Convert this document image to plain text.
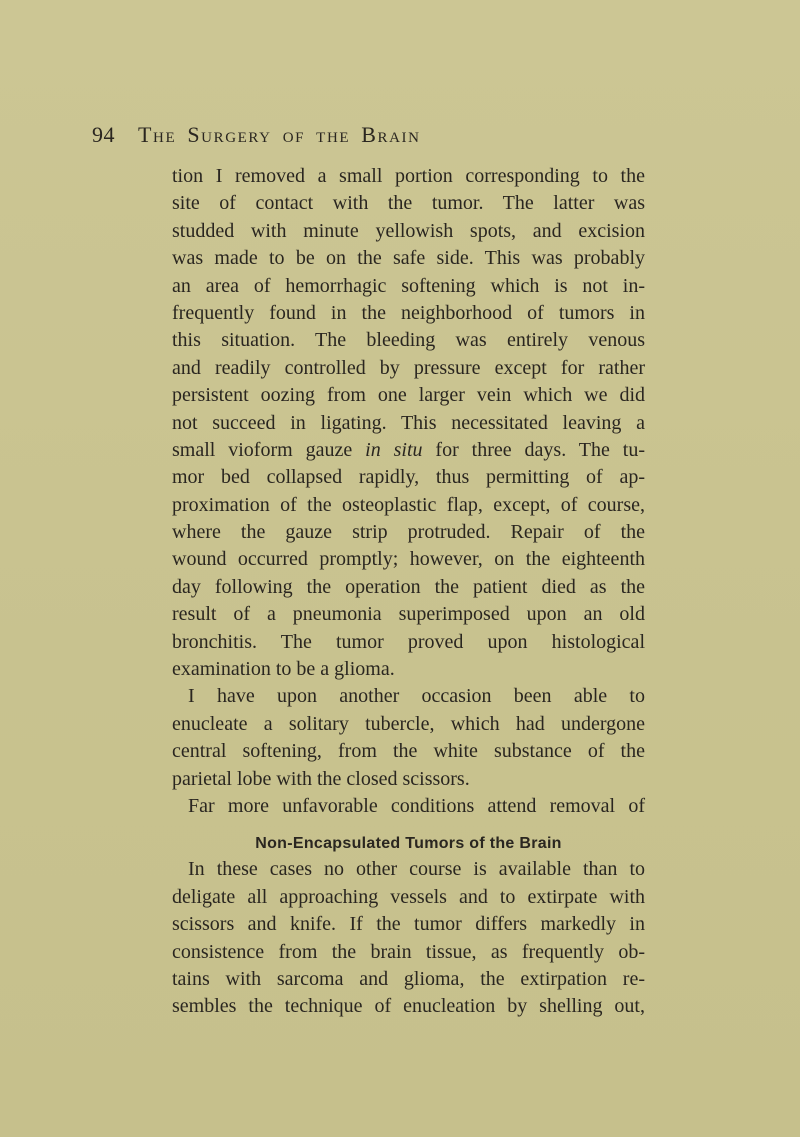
94 The Surgery of the Brain
tion I removed a small portion corresponding to the
site of contact with the tumor. The latter was
studded with minute yellowish spots, and excision
was made to be on the safe side. This was probably
an area of hemorrhagic softening which is not in-
frequently found in the neighborhood of tumors in
this situation. The bleeding was entirely venous
and readily controlled by pressure except for rather
persistent oozing from one larger vein which we did
not succeed in ligating. This necessitated leaving a
small vioform gauze in situ for three days. The tu-
mor bed collapsed rapidly, thus permitting of ap-
proximation of the osteoplastic flap, except, of course,
where the gauze strip protruded. Repair of the
wound occurred promptly; however, on the eighteenth
day following the operation the patient died as the
result of a pneumonia superimposed upon an old
bronchitis. The tumor proved upon histological
examination to be a glioma.
I have upon another occasion been able to
enucleate a solitary tubercle, which had undergone
central softening, from the white substance of the
parietal lobe with the closed scissors.
Far more unfavorable conditions attend removal of
Non-Encapsulated Tumors of the Brain
In these cases no other course is available than to
deligate all approaching vessels and to extirpate with
scissors and knife. If the tumor differs markedly in
consistence from the brain tissue, as frequently ob-
tains with sarcoma and glioma, the extirpation re-
sembles the technique of enucleation by shelling out,
